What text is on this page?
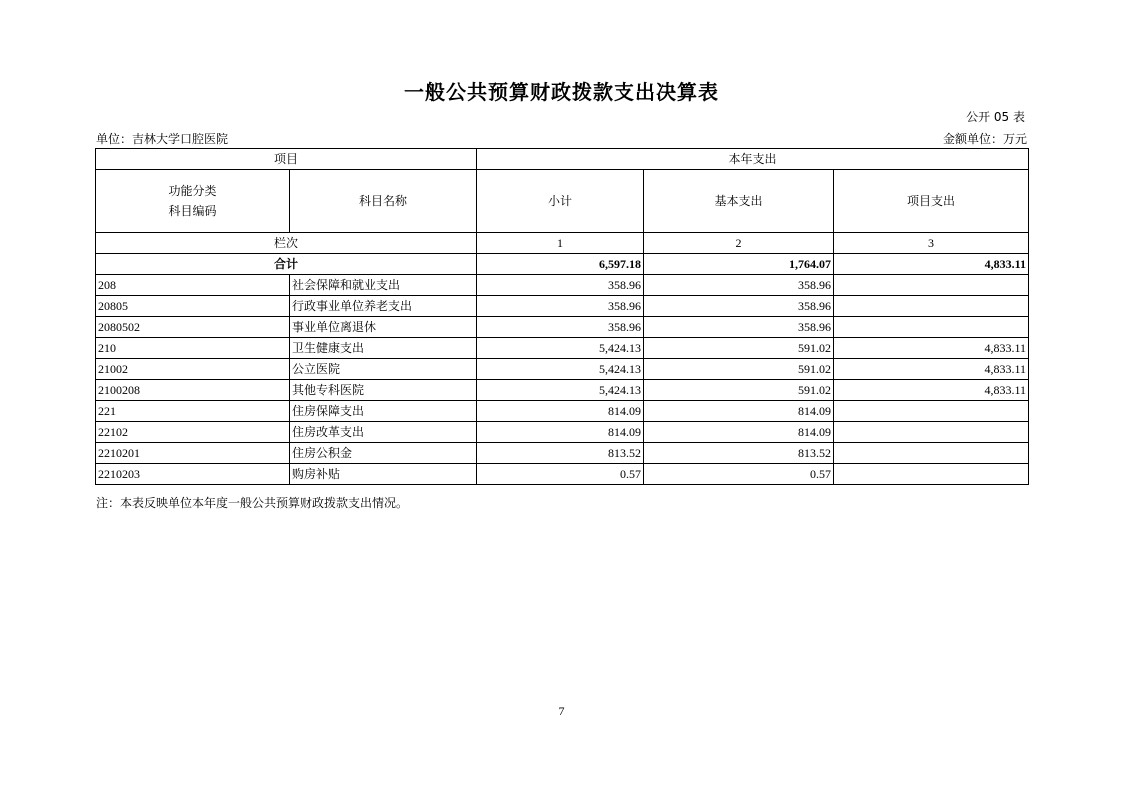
一般公共预算财政拨款支出决算表
公开 05 表
单位：吉林大学口腔医院	金额单位：万元
项目		本年支出		

功能分类
科目编码	科目名称	小计	基本支出	项目支出
栏次		1	2	3
合计		6,597.18	1,764.07	4,833.11
208	社会保障和就业支出	358.96	358.96	
20805	行政事业单位养老支出	358.96	358.96	
2080502	事业单位离退休	358.96	358.96	
210	卫生健康支出	5,424.13	591.02	4,833.11
21002	公立医院	5,424.13	591.02	4,833.11
2100208	其他专科医院	5,424.13	591.02	4,833.11
221	住房保障支出	814.09	814.09	
22102	住房改革支出	814.09	814.09	
2210201	住房公积金	813.52	813.52	
2210203	购房补贴	0.57	0.57	
注：本表反映单位本年度一般公共预算财政拨款支出情况。
7
